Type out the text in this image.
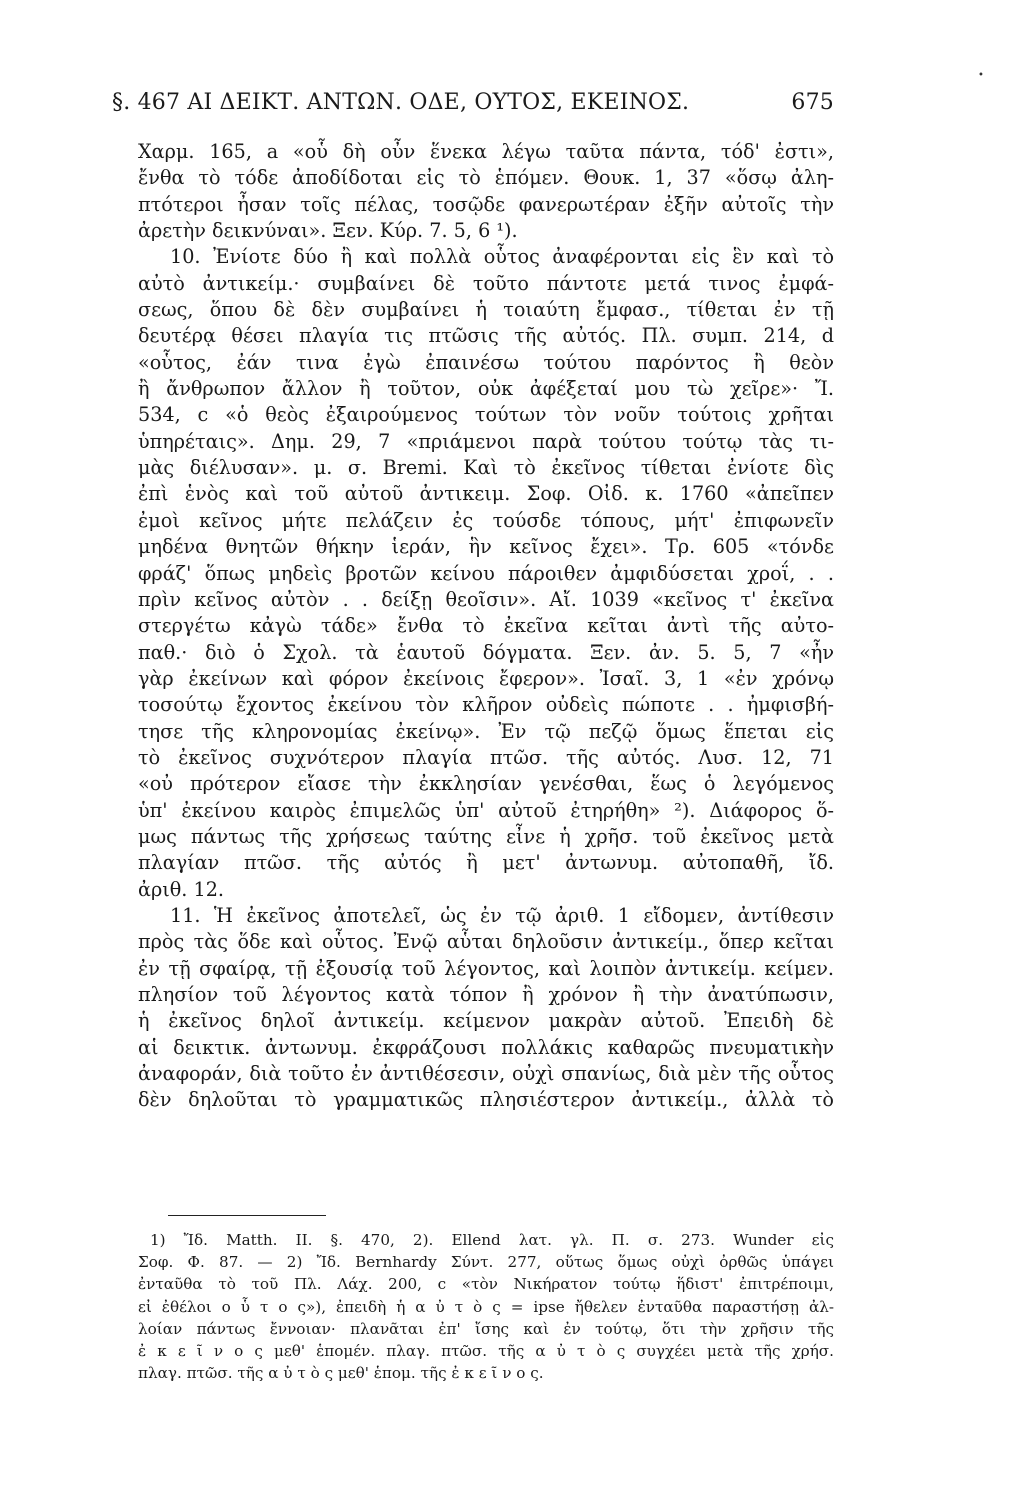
•
§. 467 ΑΙ ΔΕΙΚΤ. ΑΝΤΩΝ. ΟΔΕ, ΟΥΤΟΣ, ΕΚΕΙΝΟΣ.	675
Χαρμ. 165, a «οὗ δὴ οὖν ἕνεκα λέγω ταῦτα πάντα, τόδ' ἐστι»,
ἔνθα τὸ τόδε ἀποδίδοται εἰς τὸ ἑπόμεν. Θουκ. 1, 37 «ὅσῳ ἀλη-
πτότεροι ἦσαν τοῖς πέλας, τοσῷδε φανερωτέραν ἐξῆν αὐτοῖς τὴν
ἀρετὴν δεικνύναι». Ξεν. Κύρ. 7. 5, 6 ¹).
10. Ἐνίοτε δύο ἢ καὶ πολλὰ οὗτος ἀναφέρονται εἰς ἓν καὶ τὸ
αὐτὸ ἀντικείμ.· συμβαίνει δὲ τοῦτο πάντοτε μετά τινος ἐμφά-
σεως, ὅπου δὲ δὲν συμβαίνει ἡ τοιαύτη ἔμφασ., τίθεται ἐν τῇ
δευτέρᾳ θέσει πλαγία τις πτῶσις τῆς αὐτός. Πλ. συμπ. 214, d
«οὗτος, ἐάν τινα ἐγὼ ἐπαινέσω τούτου παρόντος ἢ θεὸν
ἢ ἄνθρωπον ἄλλον ἢ τοῦτον, οὐκ ἀφέξεταί μου τὼ χεῖρε»· Ἴ.
534, c «ὁ θεὸς ἐξαιρούμενος τούτων τὸν νοῦν τούτοις χρῆται
ὑπηρέταις». Δημ. 29, 7 «πριάμενοι παρὰ τούτου τούτῳ τὰς τι-
μὰς διέλυσαν». μ. σ. Bremi. Καὶ τὸ ἐκεῖνος τίθεται ἐνίοτε δὶς
ἐπὶ ἑνὸς καὶ τοῦ αὐτοῦ ἀντικειμ. Σοφ. Οἰδ. κ. 1760 «ἀπεῖπεν
ἐμοὶ κεῖνος μήτε πελάζειν ἐς τούσδε τόπους, μήτ' ἐπιφωνεῖν
μηδένα θνητῶν θήκην ἱεράν, ἣν κεῖνος ἔχει». Τρ. 605 «τόνδε
φράζ' ὅπως μηδεὶς βροτῶν κείνου πάροιθεν ἀμφιδύσεται χροΐ, . .
πρὶν κεῖνος αὐτὸν . . δείξῃ θεοῖσιν». Αἴ. 1039 «κεῖνος τ' ἐκεῖνα
στεργέτω κἀγὼ τάδε» ἔνθα τὸ ἐκεῖνα κεῖται ἀντὶ τῆς αὐτο-
παθ.· διὸ ὁ Σχολ. τὰ ἑαυτοῦ δόγματα. Ξεν. ἀν. 5. 5, 7 «ἦν
γὰρ ἐκείνων καὶ φόρον ἐκείνοις ἔφερον». Ἰσαῖ. 3, 1 «ἐν χρόνῳ
τοσούτῳ ἔχοντος ἐκείνου τὸν κλῆρον οὐδεὶς πώποτε . . ἠμφισβή-
τησε τῆς κληρονομίας ἐκείνῳ». Ἐν τῷ πεζῷ ὅμως ἕπεται εἰς
τὸ ἐκεῖνος συχνότερον πλαγία πτῶσ. τῆς αὐτός. Λυσ. 12, 71
«οὐ πρότερον εἴασε τὴν ἐκκλησίαν γενέσθαι, ἕως ὁ λεγόμενος
ὑπ' ἐκείνου καιρὸς ἐπιμελῶς ὑπ' αὐτοῦ ἐτηρήθη» ²). Διάφορος ὅ-
μως πάντως τῆς χρήσεως ταύτης εἶνε ἡ χρῆσ. τοῦ ἐκεῖνος μετὰ
πλαγίαν πτῶσ. τῆς αὐτός ἢ μετ' ἀντωνυμ. αὐτοπαθῆ, ἴδ.
ἀριθ. 12.
11. Ἡ ἐκεῖνος ἀποτελεῖ, ὡς ἐν τῷ ἀριθ. 1 εἴδομεν, ἀντίθεσιν
πρὸς τὰς ὅδε καὶ οὗτος. Ἐνῷ αὗται δηλοῦσιν ἀντικείμ., ὅπερ κεῖται
ἐν τῇ σφαίρᾳ, τῇ ἐξουσίᾳ τοῦ λέγοντος, καὶ λοιπὸν ἀντικείμ. κείμεν.
πλησίον τοῦ λέγοντος κατὰ τόπον ἢ χρόνον ἢ τὴν ἀνατύπωσιν,
ἡ ἐκεῖνος δηλοῖ ἀντικείμ. κείμενον μακρὰν αὐτοῦ. Ἐπειδὴ δὲ
αἱ δεικτικ. ἀντωνυμ. ἐκφράζουσι πολλάκις καθαρῶς πνευματικὴν
ἀναφοράν, διὰ τοῦτο ἐν ἀντιθέσεσιν, οὐχὶ σπανίως, διὰ μὲν τῆς οὗτος
δὲν δηλοῦται τὸ γραμματικῶς πλησιέστερον ἀντικείμ., ἀλλὰ τὸ
1) Ἴδ. Matth. II. §. 470, 2). Ellend λατ. γλ. Π. σ. 273. Wunder εἰς
Σοφ. Φ. 87. — 2) Ἴδ. Bernhardy Σύντ. 277, οὕτως ὅμως οὐχὶ ὀρθῶς ὑπάγει
ἐνταῦθα τὸ τοῦ Πλ. Λάχ. 200, c «τὸν Νικήρατον τούτῳ ἥδιστ' ἐπιτρέποιμι,
εἰ ἐθέλοι ο ὗ τ ο ς»), ἐπειδὴ ἡ α ὐ τ ὸ ς = ipse ἤθελεν ἐνταῦθα παραστήσῃ ἀλ-
λοίαν πάντως ἔννοιαν· πλανᾶται ἐπ' ἴσης καὶ ἐν τούτῳ, ὅτι τὴν χρῆσιν τῆς
ἐ κ ε ῖ ν ο ς μεθ' ἑπομέν. πλαγ. πτῶσ. τῆς α ὐ τ ὸ ς συγχέει μετὰ τῆς χρήσ.
πλαγ. πτῶσ. τῆς α ὐ τ ὸ ς μεθ' ἑπομ. τῆς ἐ κ ε ῖ ν ο ς.
